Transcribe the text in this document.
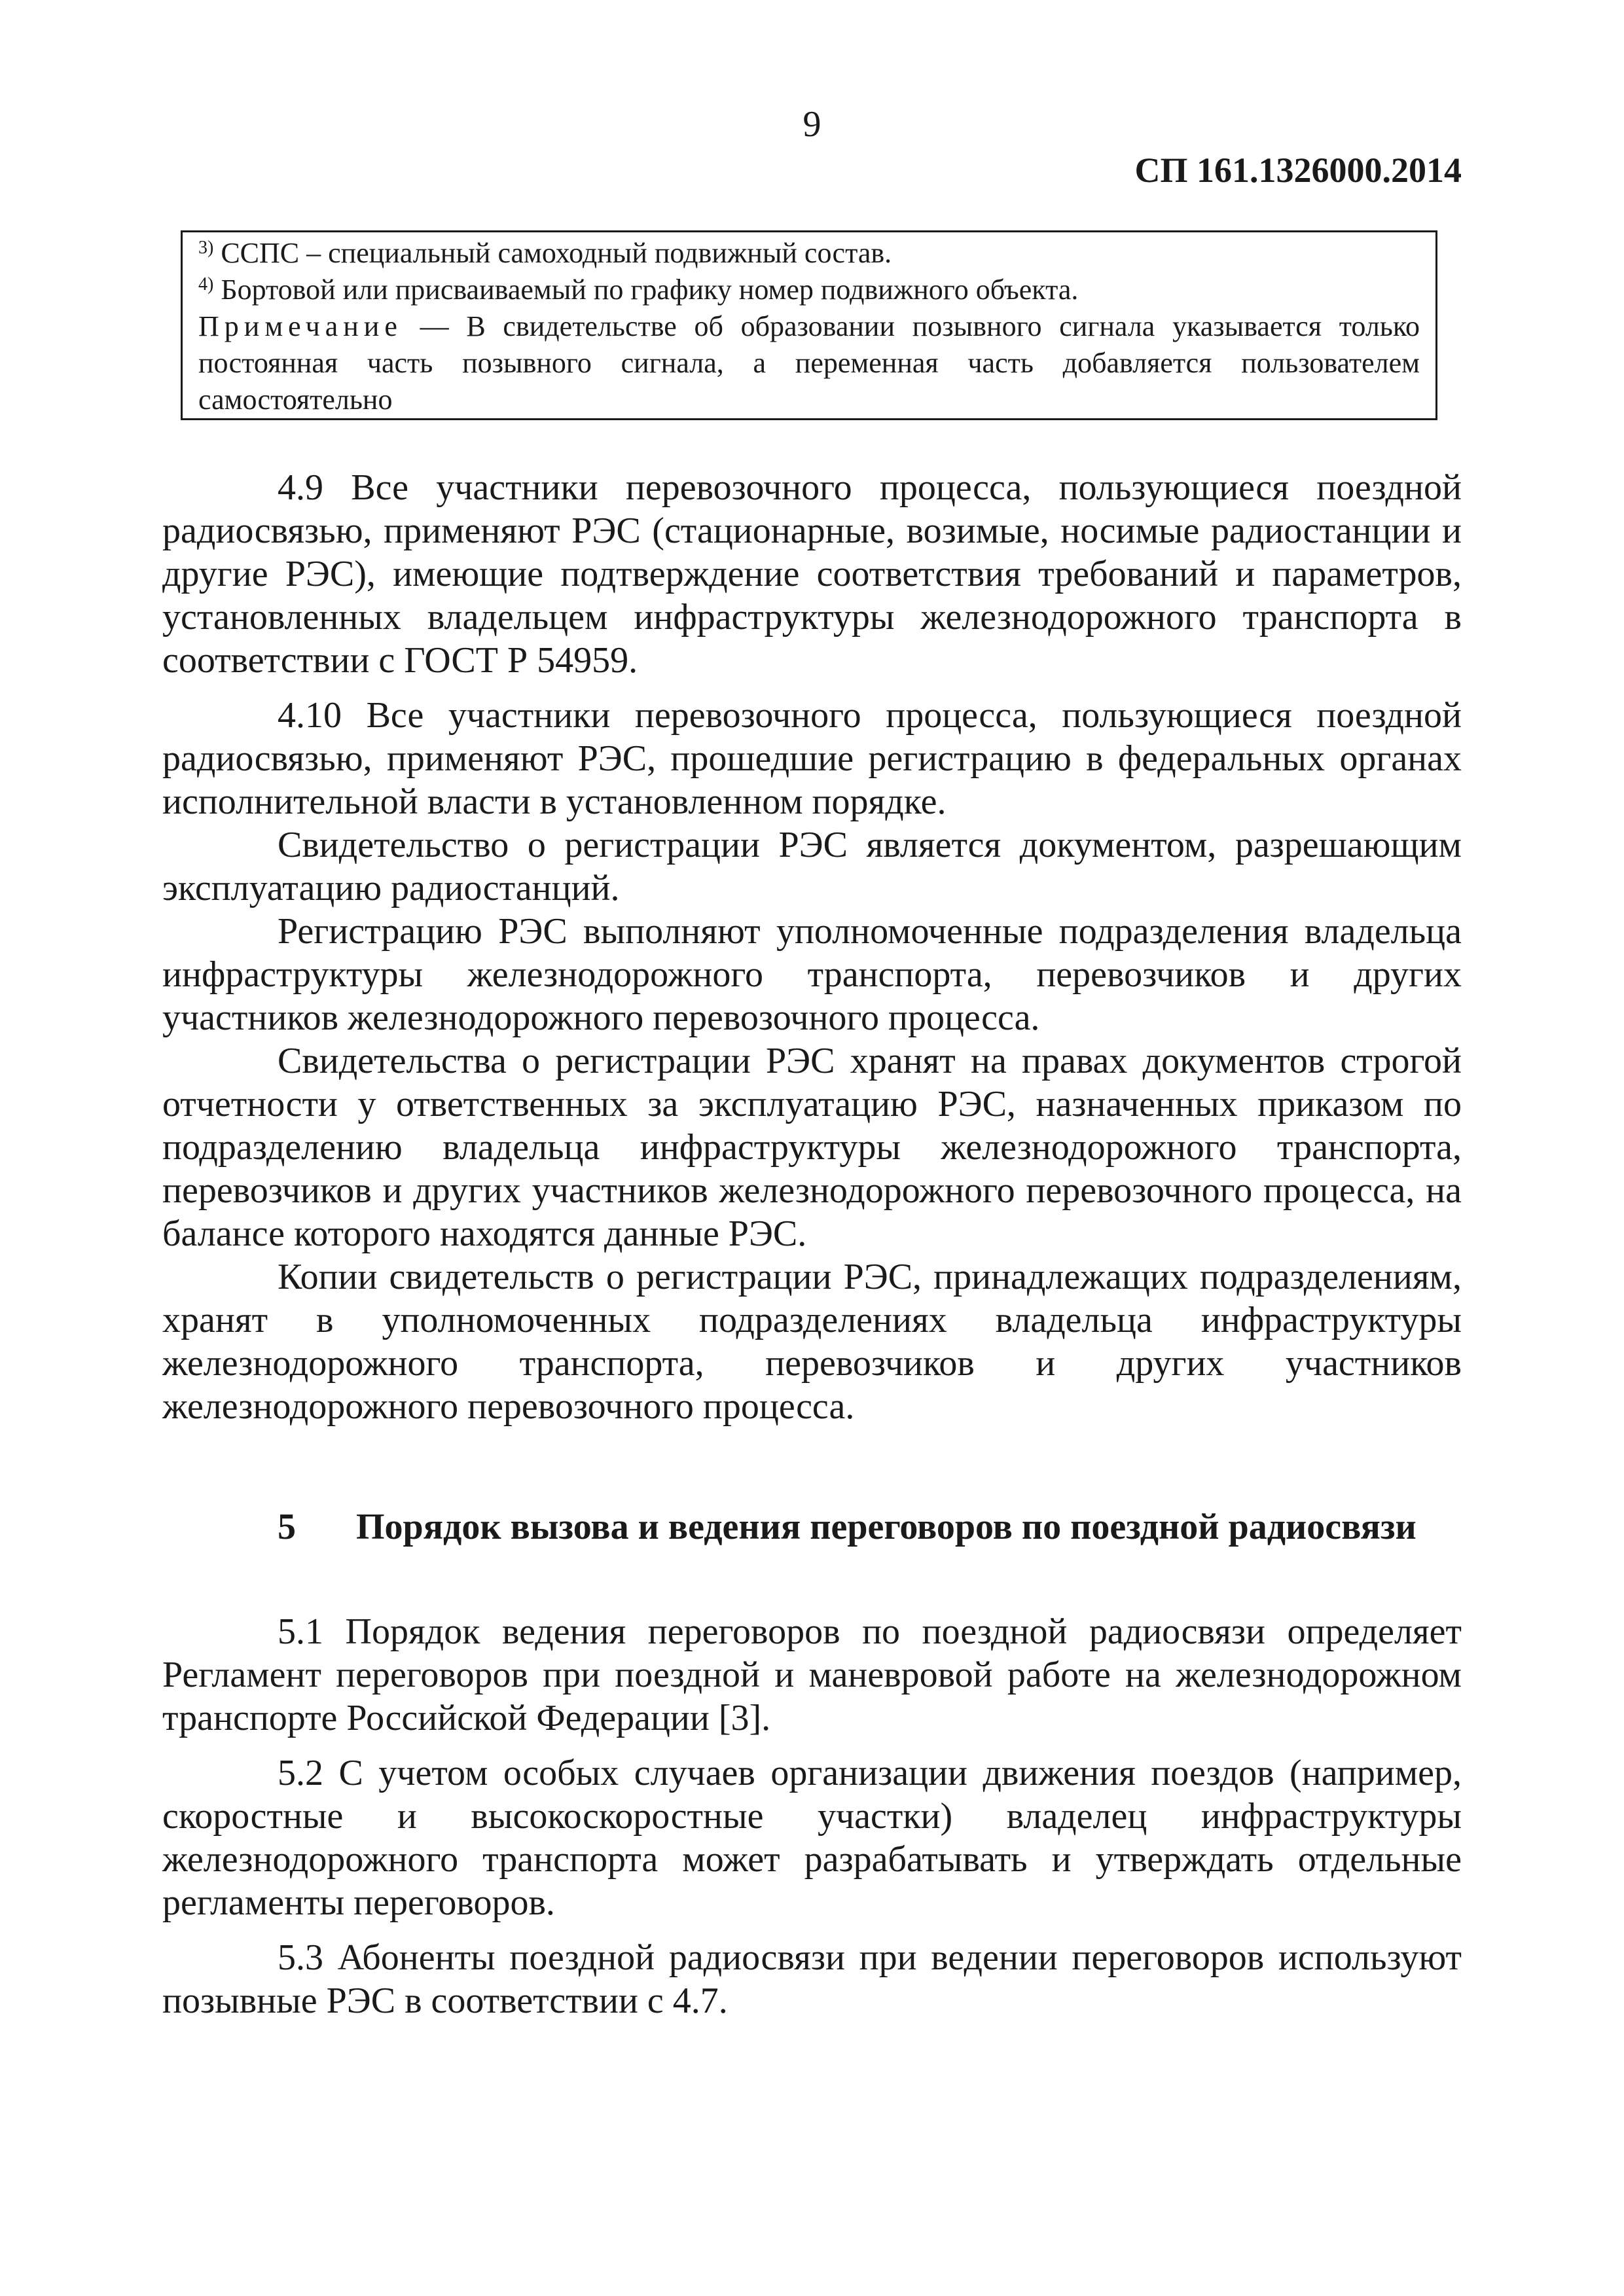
9
СП 161.1326000.2014

$^{3)}$ ССПС – специальный самоходный подвижный состав.

$^{4)}$ Бортовой или присваиваемый по графику номер подвижного объекта.

Примечание — В свидетельстве об образовании позывного сигнала указывается только постоянная часть позывного сигнала, а переменная часть добавляется пользователем самостоятельно

4.9 Все участники перевозочного процесса, пользующиеся поездной радиосвязью, применяют РЭС (стационарные, возимые, носимые радиостанции и другие РЭС), имеющие подтверждение соответствия требований и параметров, установленных владельцем инфраструктуры железнодорожного транспорта в соответствии с ГОСТ Р 54959.

4.10 Все участники перевозочного процесса, пользующиеся поездной радиосвязью, применяют РЭС, прошедшие регистрацию в федеральных органах исполнительной власти в установленном порядке.

Свидетельство о регистрации РЭС является документом, разрешающим эксплуатацию радиостанций.

Регистрацию РЭС выполняют уполномоченные подразделения владельца инфраструктуры железнодорожного транспорта, перевозчиков и других участников железнодорожного перевозочного процесса.

Свидетельства о регистрации РЭС хранят на правах документов строгой отчетности у ответственных за эксплуатацию РЭС, назначенных приказом по подразделению владельца инфраструктуры железнодорожного транспорта, перевозчиков и других участников железнодорожного перевозочного процесса, на балансе которого находятся данные РЭС.

Копии свидетельств о регистрации РЭС, принадлежащих подразделениям, хранят в уполномоченных подразделениях владельца инфраструктуры железнодорожного транспорта, перевозчиков и других участников железнодорожного перевозочного процесса.

5 Порядок вызова и ведения переговоров по поездной радиосвязи

5.1 Порядок ведения переговоров по поездной радиосвязи определяет Регламент переговоров при поездной и маневровой работе на железнодорожном транспорте Российской Федерации [3].

5.2 С учетом особых случаев организации движения поездов (например, скоростные и высокоскоростные участки) владелец инфраструктуры железнодорожного транспорта может разрабатывать и утверждать отдельные регламенты переговоров.

5.3 Абоненты поездной радиосвязи при ведении переговоров используют позывные РЭС в соответствии с 4.7.
